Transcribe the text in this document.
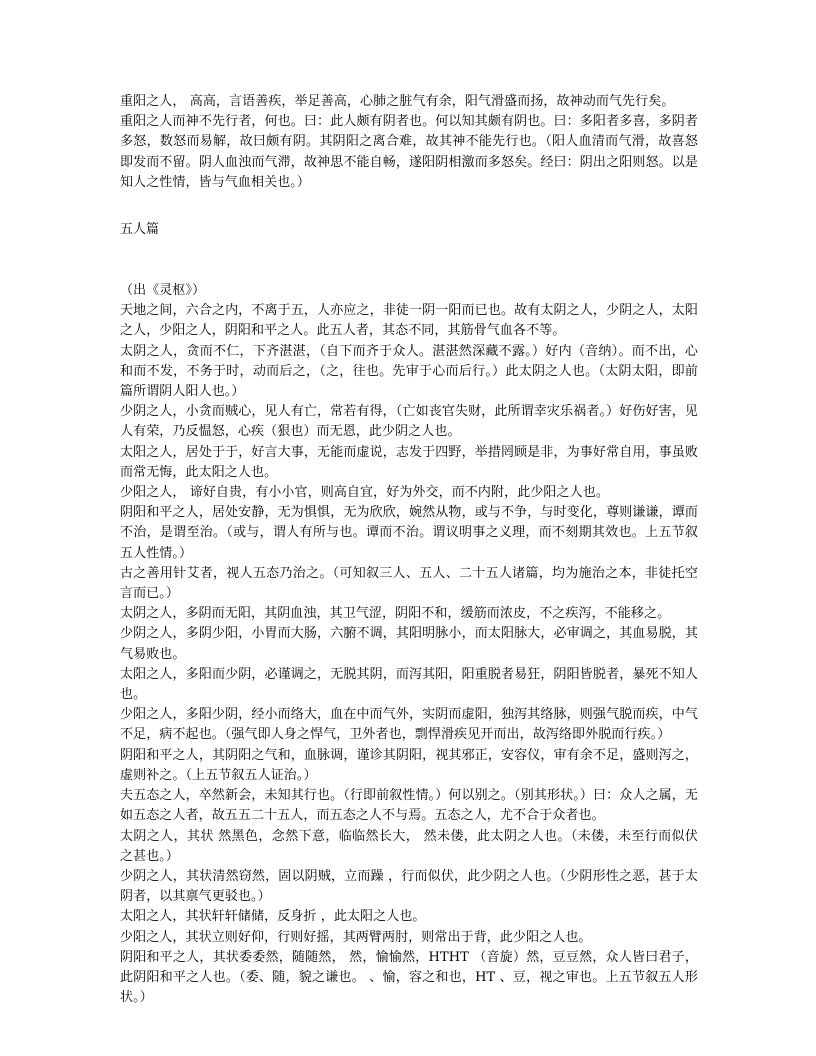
重阳之人， 高高，言语善疾，举足善高，心肺之脏气有余，阳气滑盛而扬，故神动而气先行矣。

重阳之人而神不先行者，何也。曰：此人颇有阴者也。何以知其颇有阴也。曰：多阳者多喜，多阴者多怒，数怒而易解，故曰颇有阴。其阴阳之离合难，故其神不能先行也。（阳人血清而气滑，故喜怒即发而不留。阴人血浊而气滞，故神思不能自畅，遂阳阴相激而多怒矣。经曰：阴出之阳则怒。以是知人之性情，皆与气血相关也。）

五人篇

（出《灵枢》）

天地之间，六合之内，不离于五，人亦应之，非徒一阴一阳而已也。故有太阴之人，少阴之人，太阳之人，少阳之人，阴阳和平之人。此五人者，其态不同，其筋骨气血各不等。

太阴之人，贪而不仁，下齐湛湛，（自下而齐于众人。湛湛然深藏不露。）好内（音纳）。而不出，心和而不发，不务于时，动而后之，（之，往也。先审于心而后行。）此太阴之人也。（太阴太阳，即前篇所谓阴人阳人也。）

少阴之人，小贪而贼心，见人有亡，常若有得，（亡如丧官失财，此所谓幸灾乐祸者。）好伤好害，见人有荣，乃反愠怒，心疾（狠也）而无恩，此少阴之人也。

太阳之人，居处于于，好言大事，无能而虚说，志发于四野，举措罔顾是非，为事好常自用，事虽败而常无悔，此太阳之人也。

少阳之人， 谛好自贵，有小小官，则高自宜，好为外交，而不内附，此少阳之人也。

阴阳和平之人，居处安静，无为惧惧，无为欣欣，婉然从物，或与不争，与时变化，尊则谦谦，谭而不治，是谓至治。（或与，谓人有所与也。谭而不治。谓议明事之义理，而不刻期其效也。上五节叙五人性情。）

古之善用针艾者，视人五态乃治之。（可知叙三人、五人、二十五人诸篇，均为施治之本，非徒托空言而已。）

太阴之人，多阴而无阳，其阴血浊，其卫气涩，阴阳不和，缓筋而浓皮，不之疾泻，不能移之。

少阴之人，多阴少阳，小胃而大肠，六腑不调，其阳明脉小，而太阳脉大，必审调之，其血易脱，其气易败也。

太阳之人，多阳而少阴，必谨调之，无脱其阴，而泻其阳，阳重脱者易狂，阴阳皆脱者，暴死不知人也。

少阳之人，多阳少阴，经小而络大，血在中而气外，实阴而虚阳，独泻其络脉，则强气脱而疾，中气不足，病不起也。（强气即人身之悍气，卫外者也，剽悍滑疾见开而出，故泻络即外脱而行疾。）

阴阳和平之人，其阴阳之气和，血脉调，谨诊其阴阳，视其邪正，安容仪，审有余不足，盛则泻之，虚则补之。（上五节叙五人证治。）

夫五态之人，卒然新会，未知其行也。（行即前叙性情。）何以别之。（别其形状。）曰：众人之属，无如五态之人者，故五五二十五人，而五态之人不与焉。五态之人，尤不合于众者也。

太阴之人，其状 然黑色，念然下意，临临然长大， 然未偻，此太阴之人也。（未偻，未至行而似伏之甚也。）

少阴之人，其状清然窃然，固以阴贼，立而躁 ，行而似伏，此少阴之人也。（少阴形性之恶，甚于太阴者，以其禀气更驳也。）

太阳之人，其状轩轩储储，反身折 ，此太阳之人也。

少阳之人，其状立则好仰，行则好摇，其两臂两肘，则常出于背，此少阳之人也。

阴阳和平之人，其状委委然，随随然， 然，愉愉然，HTHT （音旋）然，豆豆然，众人皆曰君子，此阴阳和平之人也。（委、随，貌之谦也。 、愉，容之和也，HT 、豆，视之审也。上五节叙五人形状。）
